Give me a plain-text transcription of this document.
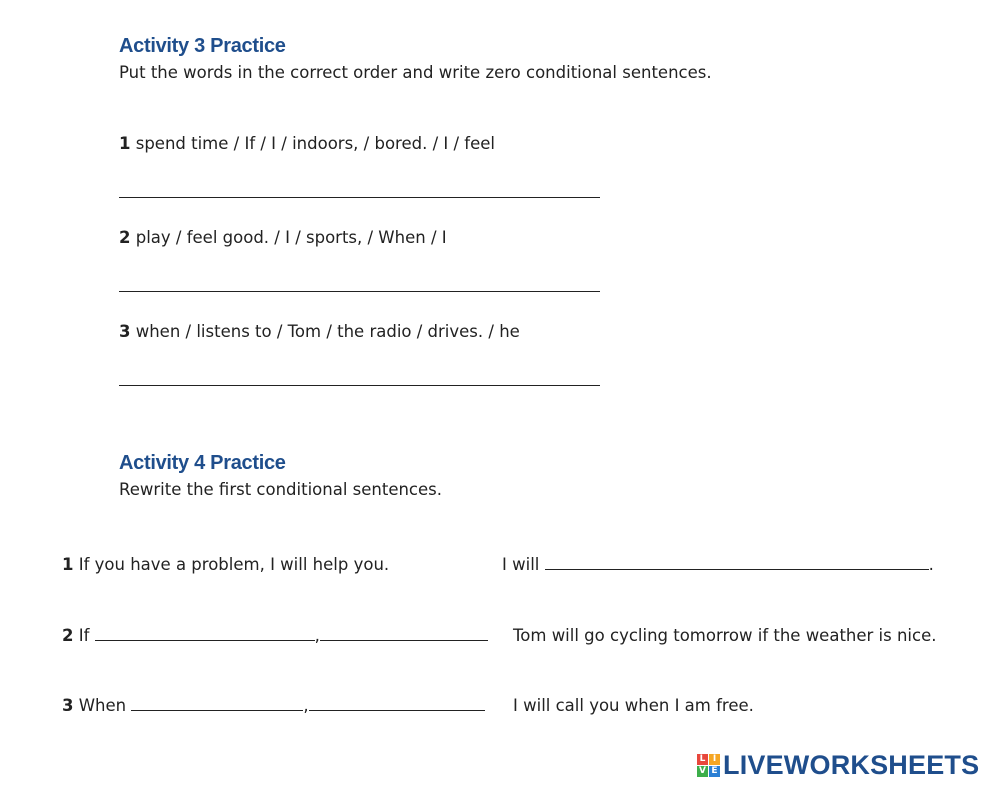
Activity 3 Practice
Put the words in the correct order and write zero conditional sentences.
1 spend time / If / I / indoors, / bored. / I / feel
2 play / feel good. / I / sports, / When / I
3 when / listens to / Tom / the radio / drives. / he
Activity 4 Practice
Rewrite the first conditional sentences.
1 If you have a problem, I will help you.	I will	.
2 If	,	Tom will go cycling tomorrow if the weather is nice.
3 When	,	I will call you when I am free.
L I
V E LIVEWORKSHEETS
